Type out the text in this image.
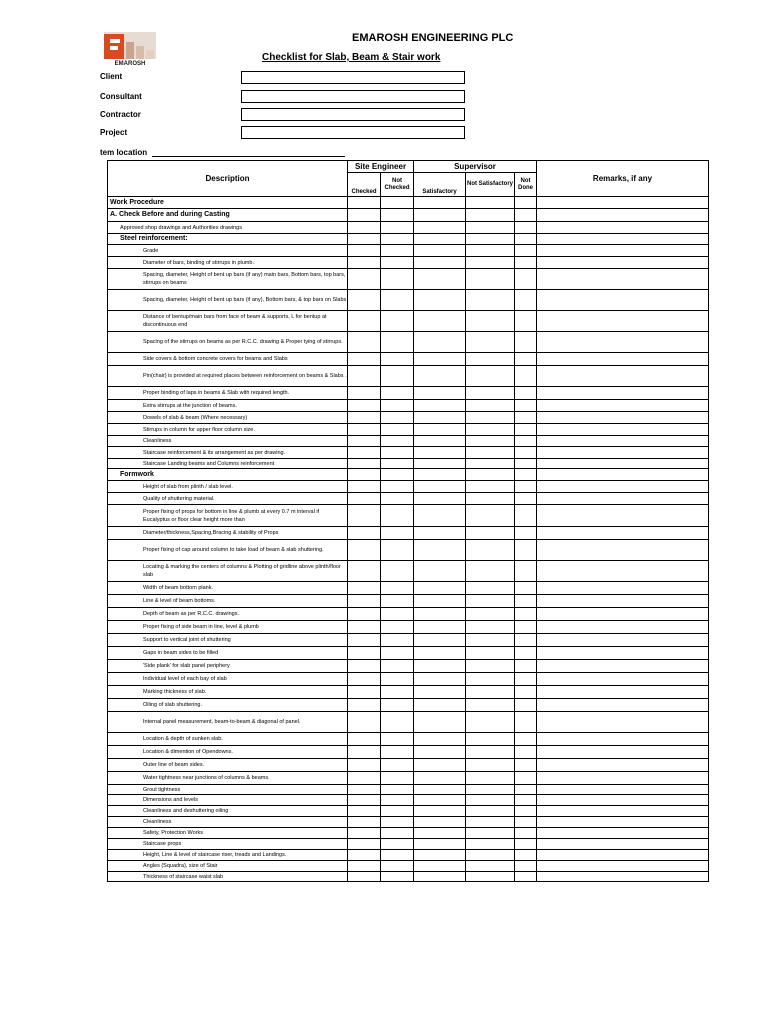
EMAROSH
EMAROSH ENGINEERING PLC
Checklist for Slab, Beam & Stair work
Client
Consultant
Contractor
Project
tem location
Description	Site Engineer		Supervisor			Remarks, if any
	Checked	Not Checked	Satisfactory	Not Satisfactory	Not Done	
Work Procedure						
A. Check Before and during Casting						
Approved shop drawings and Authorities drawings						
Steel reinforcement:						
Grade						
Diameter of bars, binding of stirrups in plumb.						
Spacing, diameter, Height of bent up bars (if any) main bars, Bottom bars, top bars, stirrups on beams						
Spacing, diameter, Height of bent up bars (if any), Bottom bars, & top bars on Slabs						
Distance of bentup/main bars from face of beam & supports, L for bentup at discontinuous end						
Spacing of the stirrups on beams as per R.C.C. drawing & Proper tying of stirrups.						
Side covers & bottom concrete covers for beams and Slabs						
Pin(chair) is provided at required places between reinforcement on beams & Slabs .						
Proper binding of laps in beams & Slab with required length.						
Extra stirrups at the junction of beams.						
Dowels of slab & beam (Where necessary)						
Stirrups in column for upper floor column size.						
Cleanliness						
Staircase reinforcement & its arrangement as per drawing.						
Staircase Landing beams and Columns reinforcement						
Formwork						
Height of slab from plinth / slab level.						
Quality of shuttering material.						
Proper fixing of props for bottom in line & plumb at every 0.7 m interval if Eucalyptus or floor clear height more than						
Diameter/thickness,Spacing,Bracing & stability of Props						
Proper fixing of cap around column to take load of beam & slab shuttering.						
Locating & marking the centers of columns & Plotting of gridline above plinth/floor slab						
Width of beam bottom plank.						
Line & level of beam bottoms.						
Depth of beam as per R.C.C. drawings.						
Proper fixing of side beam in line, level & plumb						
Support to vertical joint of shuttering						
Gaps in beam sides to be filled						
'Side plank' for slab panel periphery						
Individual level of each bay of slab						
Marking thickness of slab.						
Oiling of slab shuttering.						
Internal panel measurement, beam-to-beam & diagonal of panel.						
Location & depth of sunken slab.						
Location & dimention of Opendowns.						
Outer line of beam sides.						
Water tightness near junctions of columns & beams.						
Grout tightness						
Dimensions and levels						
Cleanliness and deshuttering oiling						
Cleanliness						
Safety, Protection Works						
Staircase props						
Height, Line & level of staircase riser, treads and Landings.						
Angles (Squadra), size of Stair						
Thickness of staircase waist slab						
